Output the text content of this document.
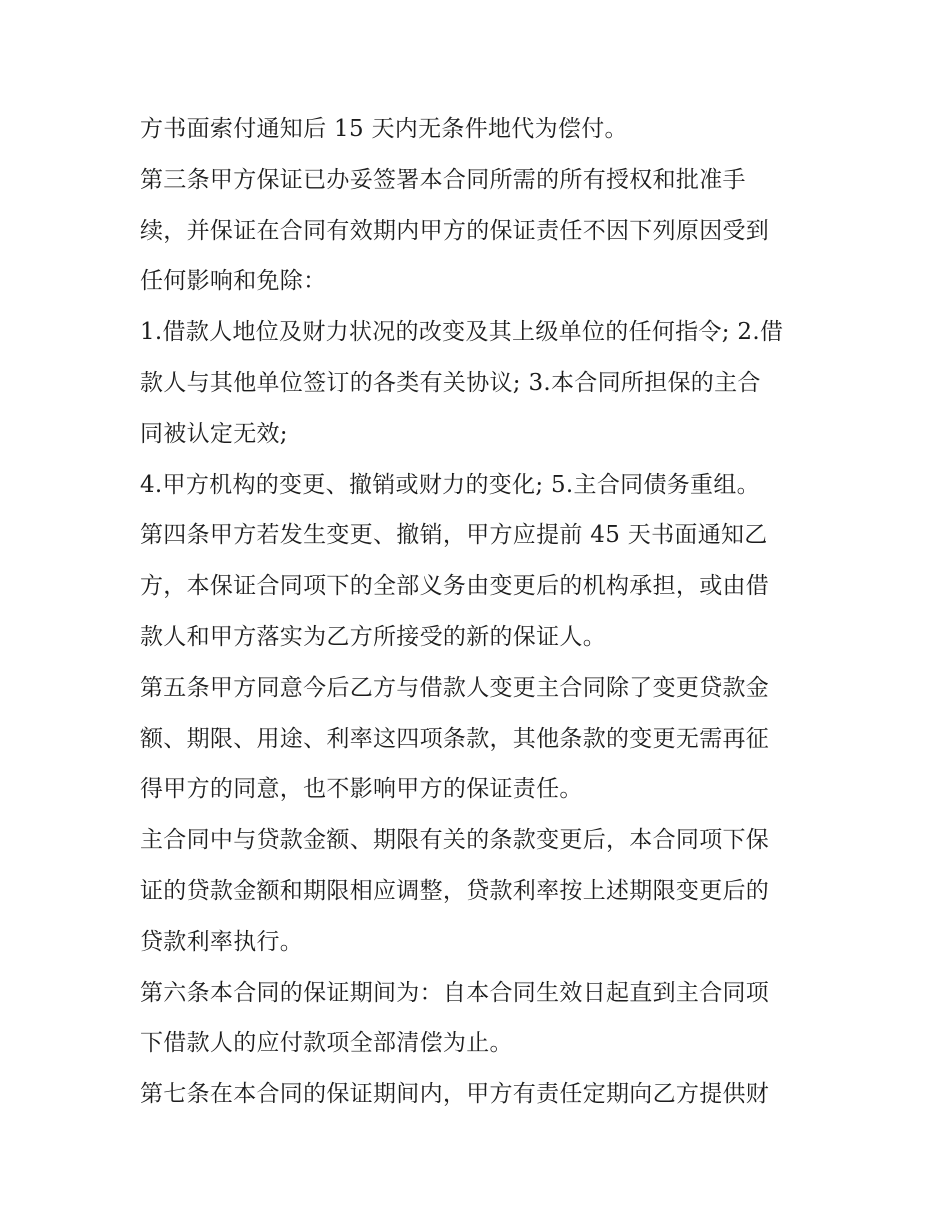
方书面索付通知后 15 天内无条件地代为偿付。

第三条甲方保证已办妥签署本合同所需的所有授权和批准手
续，并保证在合同有效期内甲方的保证责任不因下列原因受到
任何影响和免除：

1.借款人地位及财力状况的改变及其上级单位的任何指令; 2.借
款人与其他单位签订的各类有关协议; 3.本合同所担保的主合
同被认定无效;

4.甲方机构的变更、撤销或财力的变化; 5.主合同债务重组。

第四条甲方若发生变更、撤销，甲方应提前 45 天书面通知乙
方，本保证合同项下的全部义务由变更后的机构承担，或由借
款人和甲方落实为乙方所接受的新的保证人。

第五条甲方同意今后乙方与借款人变更主合同除了变更贷款金
额、期限、用途、利率这四项条款，其他条款的变更无需再征
得甲方的同意，也不影响甲方的保证责任。

主合同中与贷款金额、期限有关的条款变更后，本合同项下保
证的贷款金额和期限相应调整，贷款利率按上述期限变更后的
贷款利率执行。

第六条本合同的保证期间为：自本合同生效日起直到主合同项
下借款人的应付款项全部清偿为止。

第七条在本合同的保证期间内，甲方有责任定期向乙方提供财
